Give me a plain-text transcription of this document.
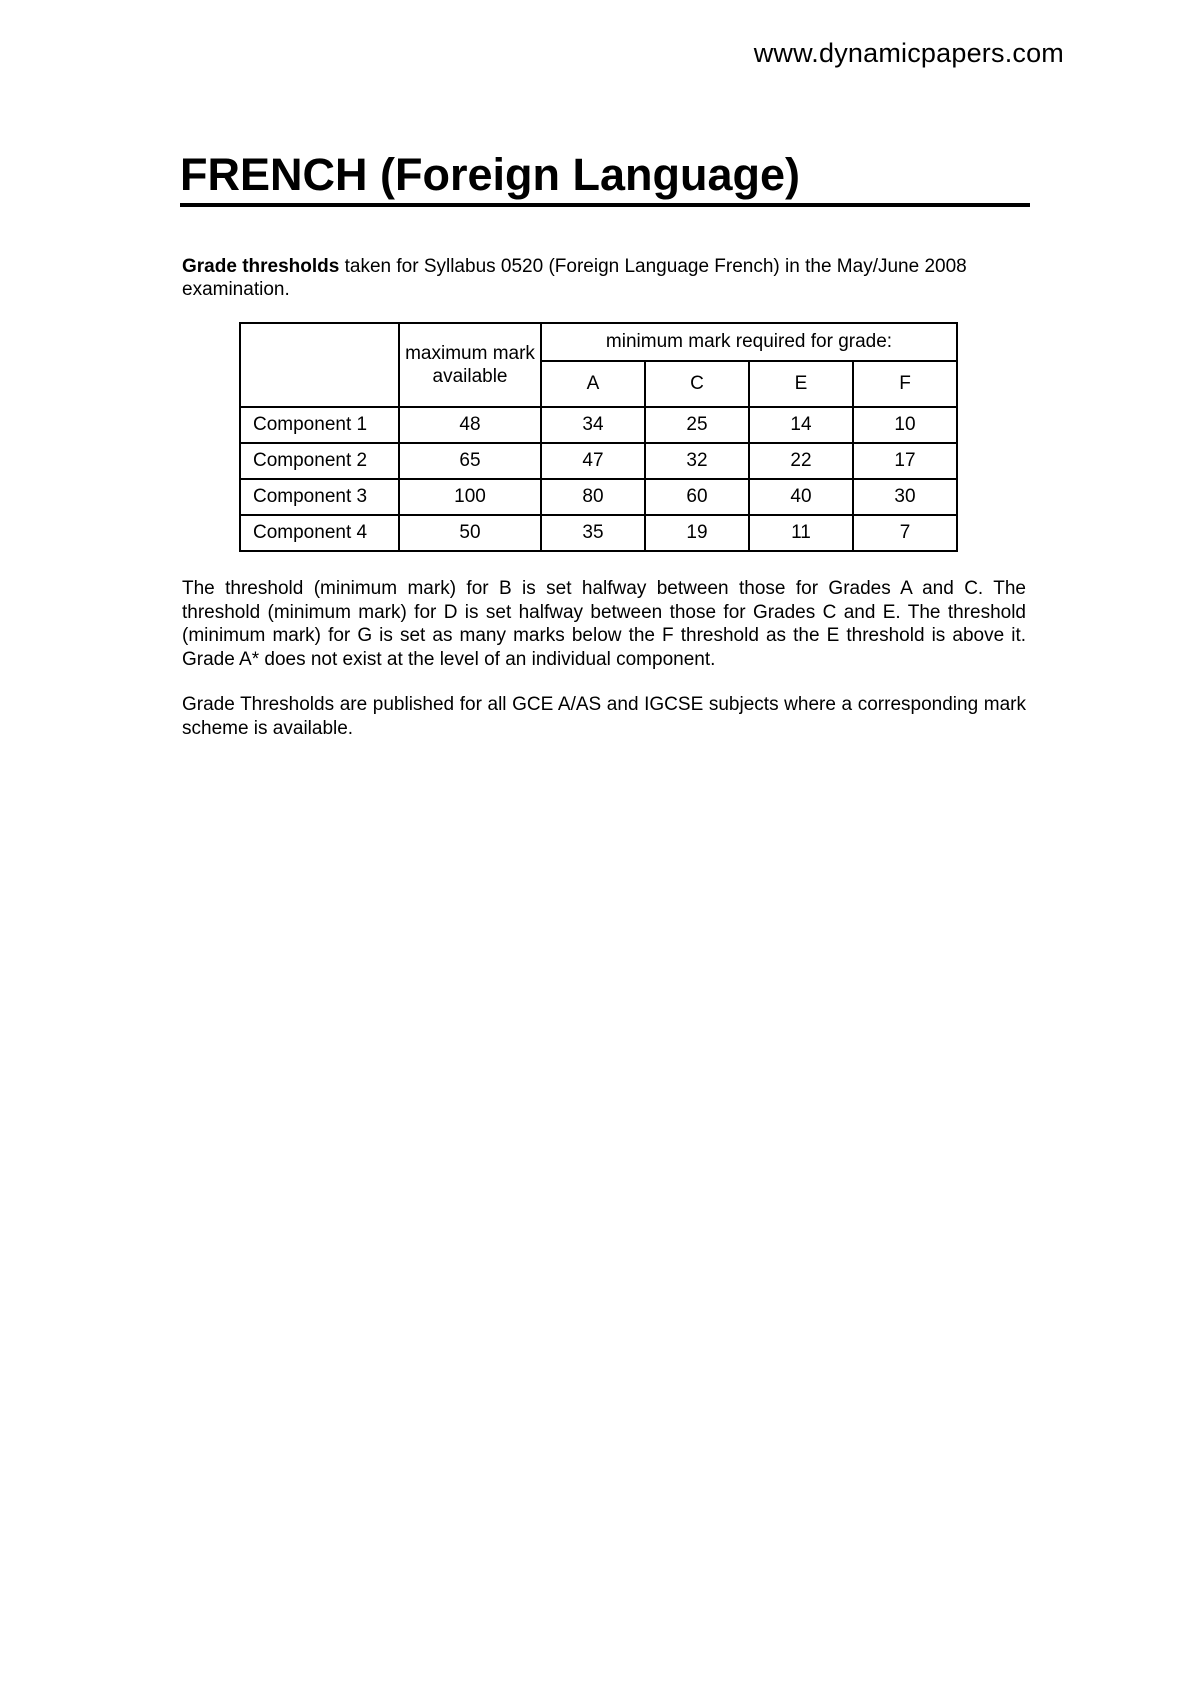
www.dynamicpapers.com
FRENCH (Foreign Language)
Grade thresholds taken for Syllabus 0520 (Foreign Language French) in the May/June 2008 examination.
	maximum mark available	minimum mark required for grade:			
		A	C	E	F
Component 1	48	34	25	14	10
Component 2	65	47	32	22	17
Component 3	100	80	60	40	30
Component 4	50	35	19	11	7

The threshold (minimum mark) for B is set halfway between those for Grades A and C. The threshold (minimum mark) for D is set halfway between those for Grades C and E. The threshold (minimum mark) for G is set as many marks below the F threshold as the E threshold is above it. Grade A* does not exist at the level of an individual component.

Grade Thresholds are published for all GCE A/AS and IGCSE subjects where a corresponding mark scheme is available.
